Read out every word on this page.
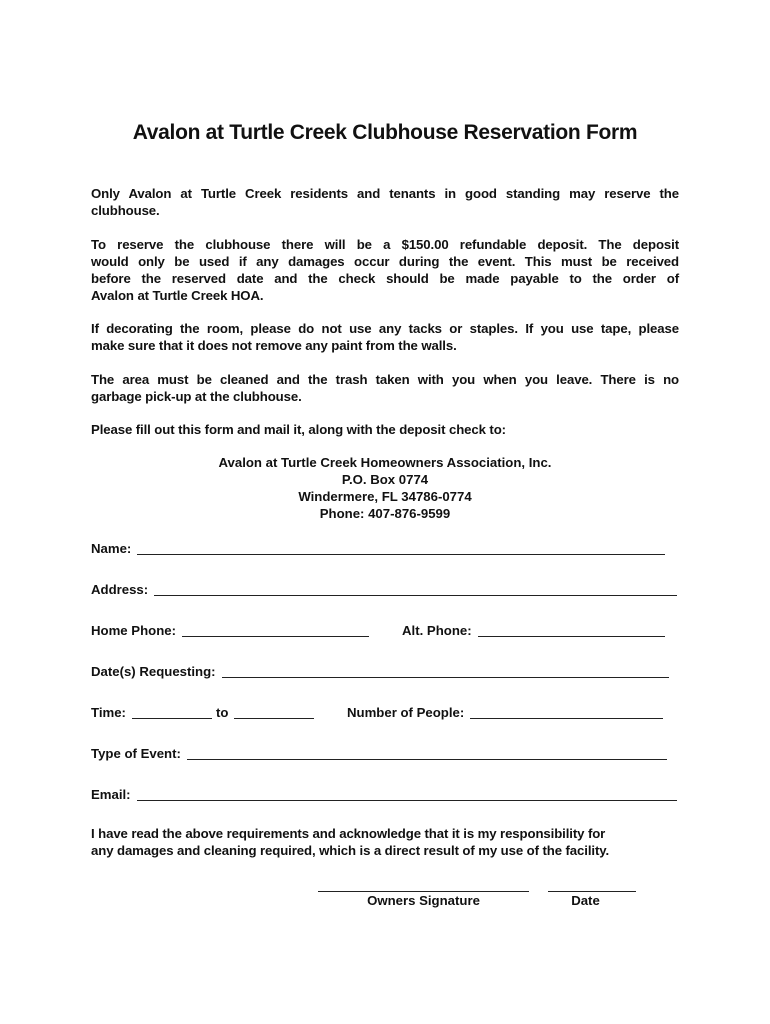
Avalon at Turtle Creek Clubhouse Reservation Form
Only Avalon at Turtle Creek residents and tenants in good standing may reserve the
clubhouse.
To reserve the clubhouse there will be a $150.00 refundable deposit. The deposit
would only be used if any damages occur during the event. This must be received
before the reserved date and the check should be made payable to the order of
Avalon at Turtle Creek HOA.
If decorating the room, please do not use any tacks or staples. If you use tape, please
make sure that it does not remove any paint from the walls.
The area must be cleaned and the trash taken with you when you leave. There is no
garbage pick-up at the clubhouse.
Please fill out this form and mail it, along with the deposit check to:
Avalon at Turtle Creek Homeowners Association, Inc.
P.O. Box 0774
Windermere, FL 34786-0774
Phone: 407-876-9599
Name:
Address:
Home Phone:	Alt. Phone:
Date(s) Requesting:
Time:	to	Number of People:
Type of Event:
Email:
I have read the above requirements and acknowledge that it is my responsibility for
any damages and cleaning required, which is a direct result of my use of the facility.
Owners Signature	Date
